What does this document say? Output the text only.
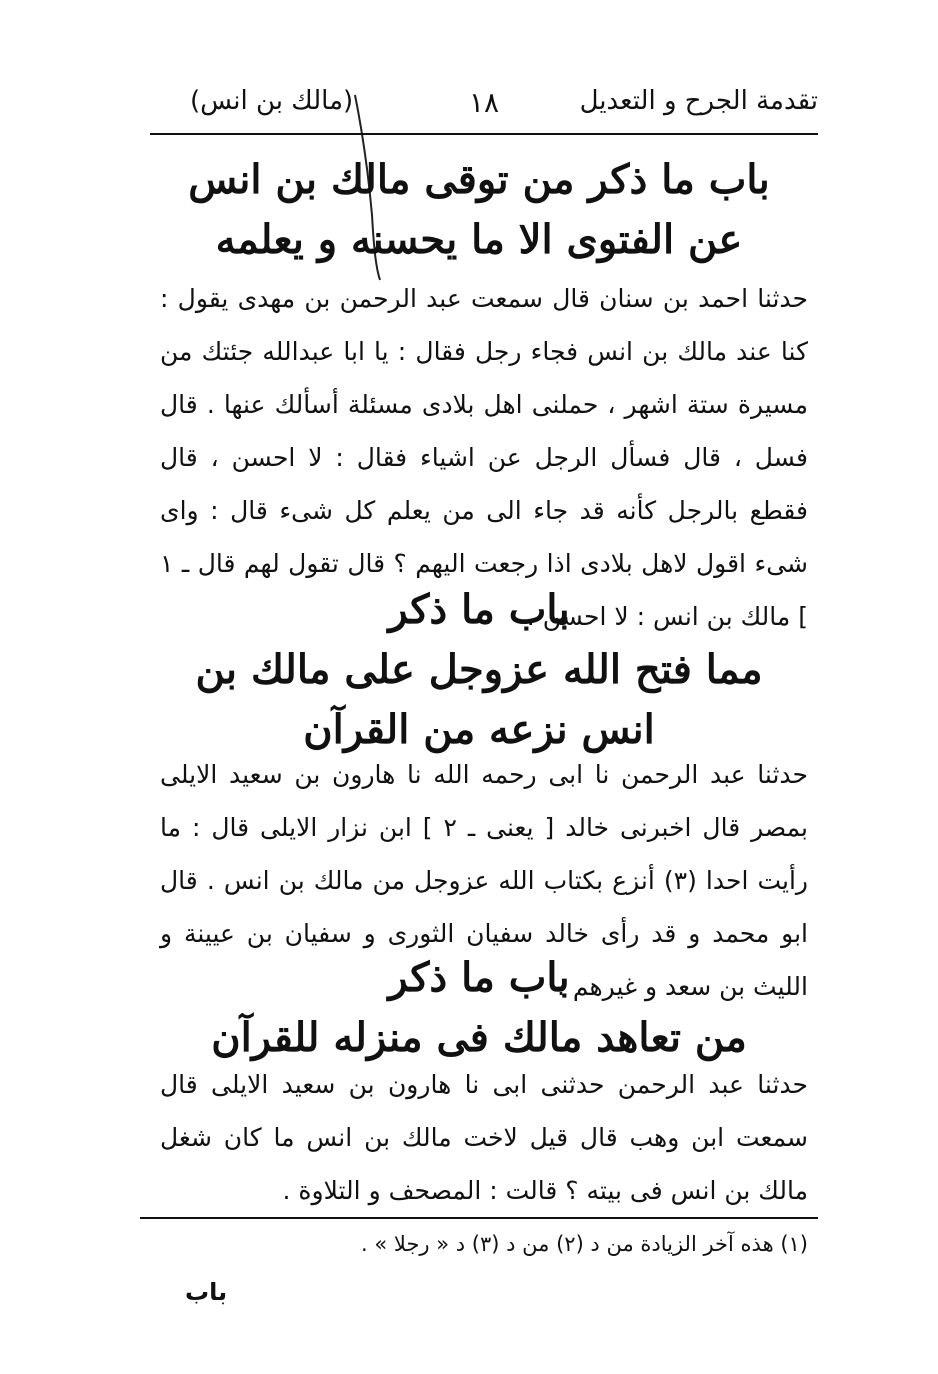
تقدمة الجرح و التعديل
١٨
(مالك بن انس)
باب ما ذكر من توقى مالك بن انس
عن الفتوى الا ما يحسنه و يعلمه
حدثنا احمد بن سنان قال سمعت عبد الرحمن بن مهدى يقول : كنا عند مالك بن انس فجاء رجل فقال : يا ابا عبدالله جئتك من مسيرة ستة اشهر ، حملنى اهل بلادى مسئلة أسألك عنها . قال فسل ، قال فسأل الرجل عن اشياء فقال : لا احسن ، قال فقطع بالرجل كأنه قد جاء الى من يعلم كل شىء قال : واى شىء اقول لاهل بلادى اذا رجعت اليهم ؟ قال تقول لهم قال ـ ١ ] مالك بن انس : لا احسن .
باب ما ذكر
مما فتح الله عزوجل على مالك بن
انس نزعه من القرآن
حدثنا عبد الرحمن نا ابى رحمه الله نا هارون بن سعيد الايلى بمصر قال اخبرنى خالد [ يعنى ـ ٢ ] ابن نزار الايلى قال : ما رأيت احدا (٣) أنزع بكتاب الله عزوجل من مالك بن انس . قال ابو محمد و قد رأى خالد سفيان الثورى و سفيان بن عيينة و الليث بن سعد و غيرهم .
باب ما ذكر
من تعاهد مالك فى منزله للقرآن
حدثنا عبد الرحمن حدثنى ابى نا هارون بن سعيد الايلى قال سمعت ابن وهب قال قيل لاخت مالك بن انس ما كان شغل مالك بن انس فى بيته ؟ قالت : المصحف و التلاوة .
(١) هذه آخر الزيادة من د (٢) من د (٣) د « رجلا » .
باب
